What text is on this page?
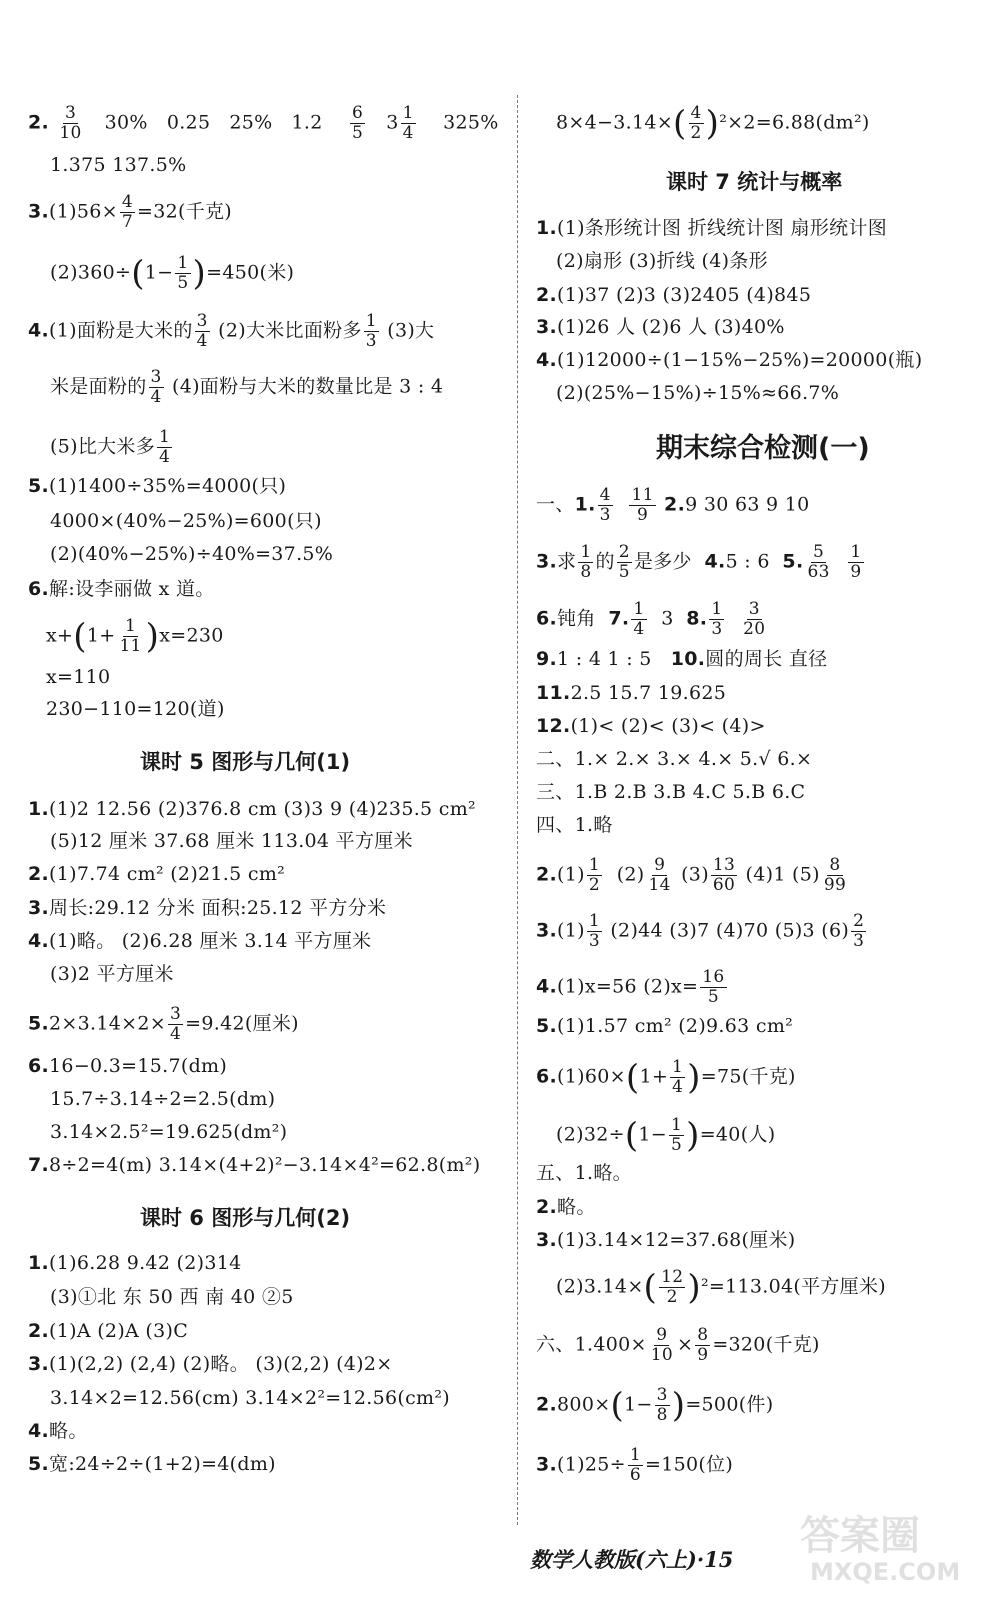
2. $\frac{3}{10} 30\%$ 0.25 25% $1.2 \frac{6}{5} 3 \frac{1}{4} 325\%$
1.375 137.5%
$3.(1)56\times \frac{4}{7} =32$(千克)
$(2)360\div(1- \frac{1}{5} )=450$(米)
4.(1)面粉是大米的 $\frac{3}{4} (2)$大米比面粉多 $\frac{1}{3} (3)$大
米是面粉的 $\frac{3}{4} (4)$面粉与大米的数量比是 3 : 4
(5)比大米多 $\frac{1}{4}$
5.(1)1400÷35%=4000(只)
4000×(40%−25%)=600(只)
(2)(40%−25%)÷40%=37.5%
6.解:设李丽做 x 道。
$x+(1+ \frac{1}{11} )x=230$
x=110
230−110=120(道)
课时 5 图形与几何(1)
1.(1)2 12.56 (2)376.8 cm (3)3 9 (4)235.5 cm²
(5)12 厘米 37.68 厘米 113.04 平方厘米
2.(1)7.74 cm² (2)21.5 cm²
3.周长:29.12 分米 面积:25.12 平方分米
4.(1)略。 (2)6.28 厘米 3.14 平方厘米
(3)2 平方厘米
$5.2\times 3.14\times 2\times \frac{3}{4} =9.42$(厘米)
6.16−0.3=15.7(dm)
15.7÷3.14÷2=2.5(dm)
3.14×2.5²=19.625(dm²)
7.8÷2=4(m) 3.14×(4+2)²−3.14×4²=62.8(m²)
课时 6 图形与几何(2)
1.(1)6.28 9.42 (2)314
(3)①北 东 50 西 南 40 ②5
2.(1)A (2)A (3)C
3.(1)(2,2) (2,4) (2)略。 (3)(2,2) (4)2×
3.14×2=12.56(cm) 3.14×2²=12.56(cm²)
4.略。
5.宽:24÷2÷(1+2)=4(dm)
$8\times 4-3.14\times( \frac{4}{2} )^2\times 2=6.88(dm^2)$
课时 7 统计与概率
1.(1)条形统计图 折线统计图 扇形统计图
(2)扇形 (3)折线 (4)条形
2.(1)37 (2)3 (3)2405 (4)845
3.(1)26 人 (2)6 人 (3)40%
4.(1)12000÷(1−15%−25%)=20000(瓶)
(2)(25%−15%)÷15%≈66.7%
期末综合检测(一)
一、1. $\frac{4}{3}$
$\frac{11}{9} 2.9$ 30 63 9 10
3.求 $\frac{1}{8}$ 的 $\frac{2}{5}$ 是多少 4.5 : 6 5. $\frac{5}{63}$
$\frac{1}{9}$
6.钝角 7. $\frac{1}{4} 3$ 8. $\frac{1}{3}$
$\frac{3}{20}$
9.1 : 4 1 : 5 10.圆的周长 直径
11.2.5 15.7 19.625
12.(1)< (2)< (3)< (4)>
二、1.× 2.× 3.× 4.× 5.√ 6.×
三、1.B 2.B 3.B 4.C 5.B 6.C
四、1.略
$2.(1) \frac{1}{2} (2) \frac{9}{14} (3) \frac{13}{60} (4)1$ $(5) \frac{8}{99}$
$3.(1) \frac{1}{3} (2)44$ (3)7 (4)70 (5)3 $(6) \frac{2}{3}$
4.(1)x=56 $(2)x= \frac{16}{5}$
5.(1)1.57 cm² (2)9.63 cm²
$6.(1)60\times(1+ \frac{1}{4} )=75$(千克)
$(2)32\div(1- \frac{1}{5} )=40$(人)
五、1.略。
2.略。
3.(1)3.14×12=37.68(厘米)
$(2)3.14\times( \frac{12}{2} )^2=113.04$(平方厘米)
六、$1.400\times \frac{9}{10} \times \frac{8}{9} =320$(千克)
$2.800\times(1- \frac{3}{8} )=500$(件)
$3.(1)25\div \frac{1}{6} =150$(位)
数学人教版(六上)·15
答案圈
MXQE.COM
